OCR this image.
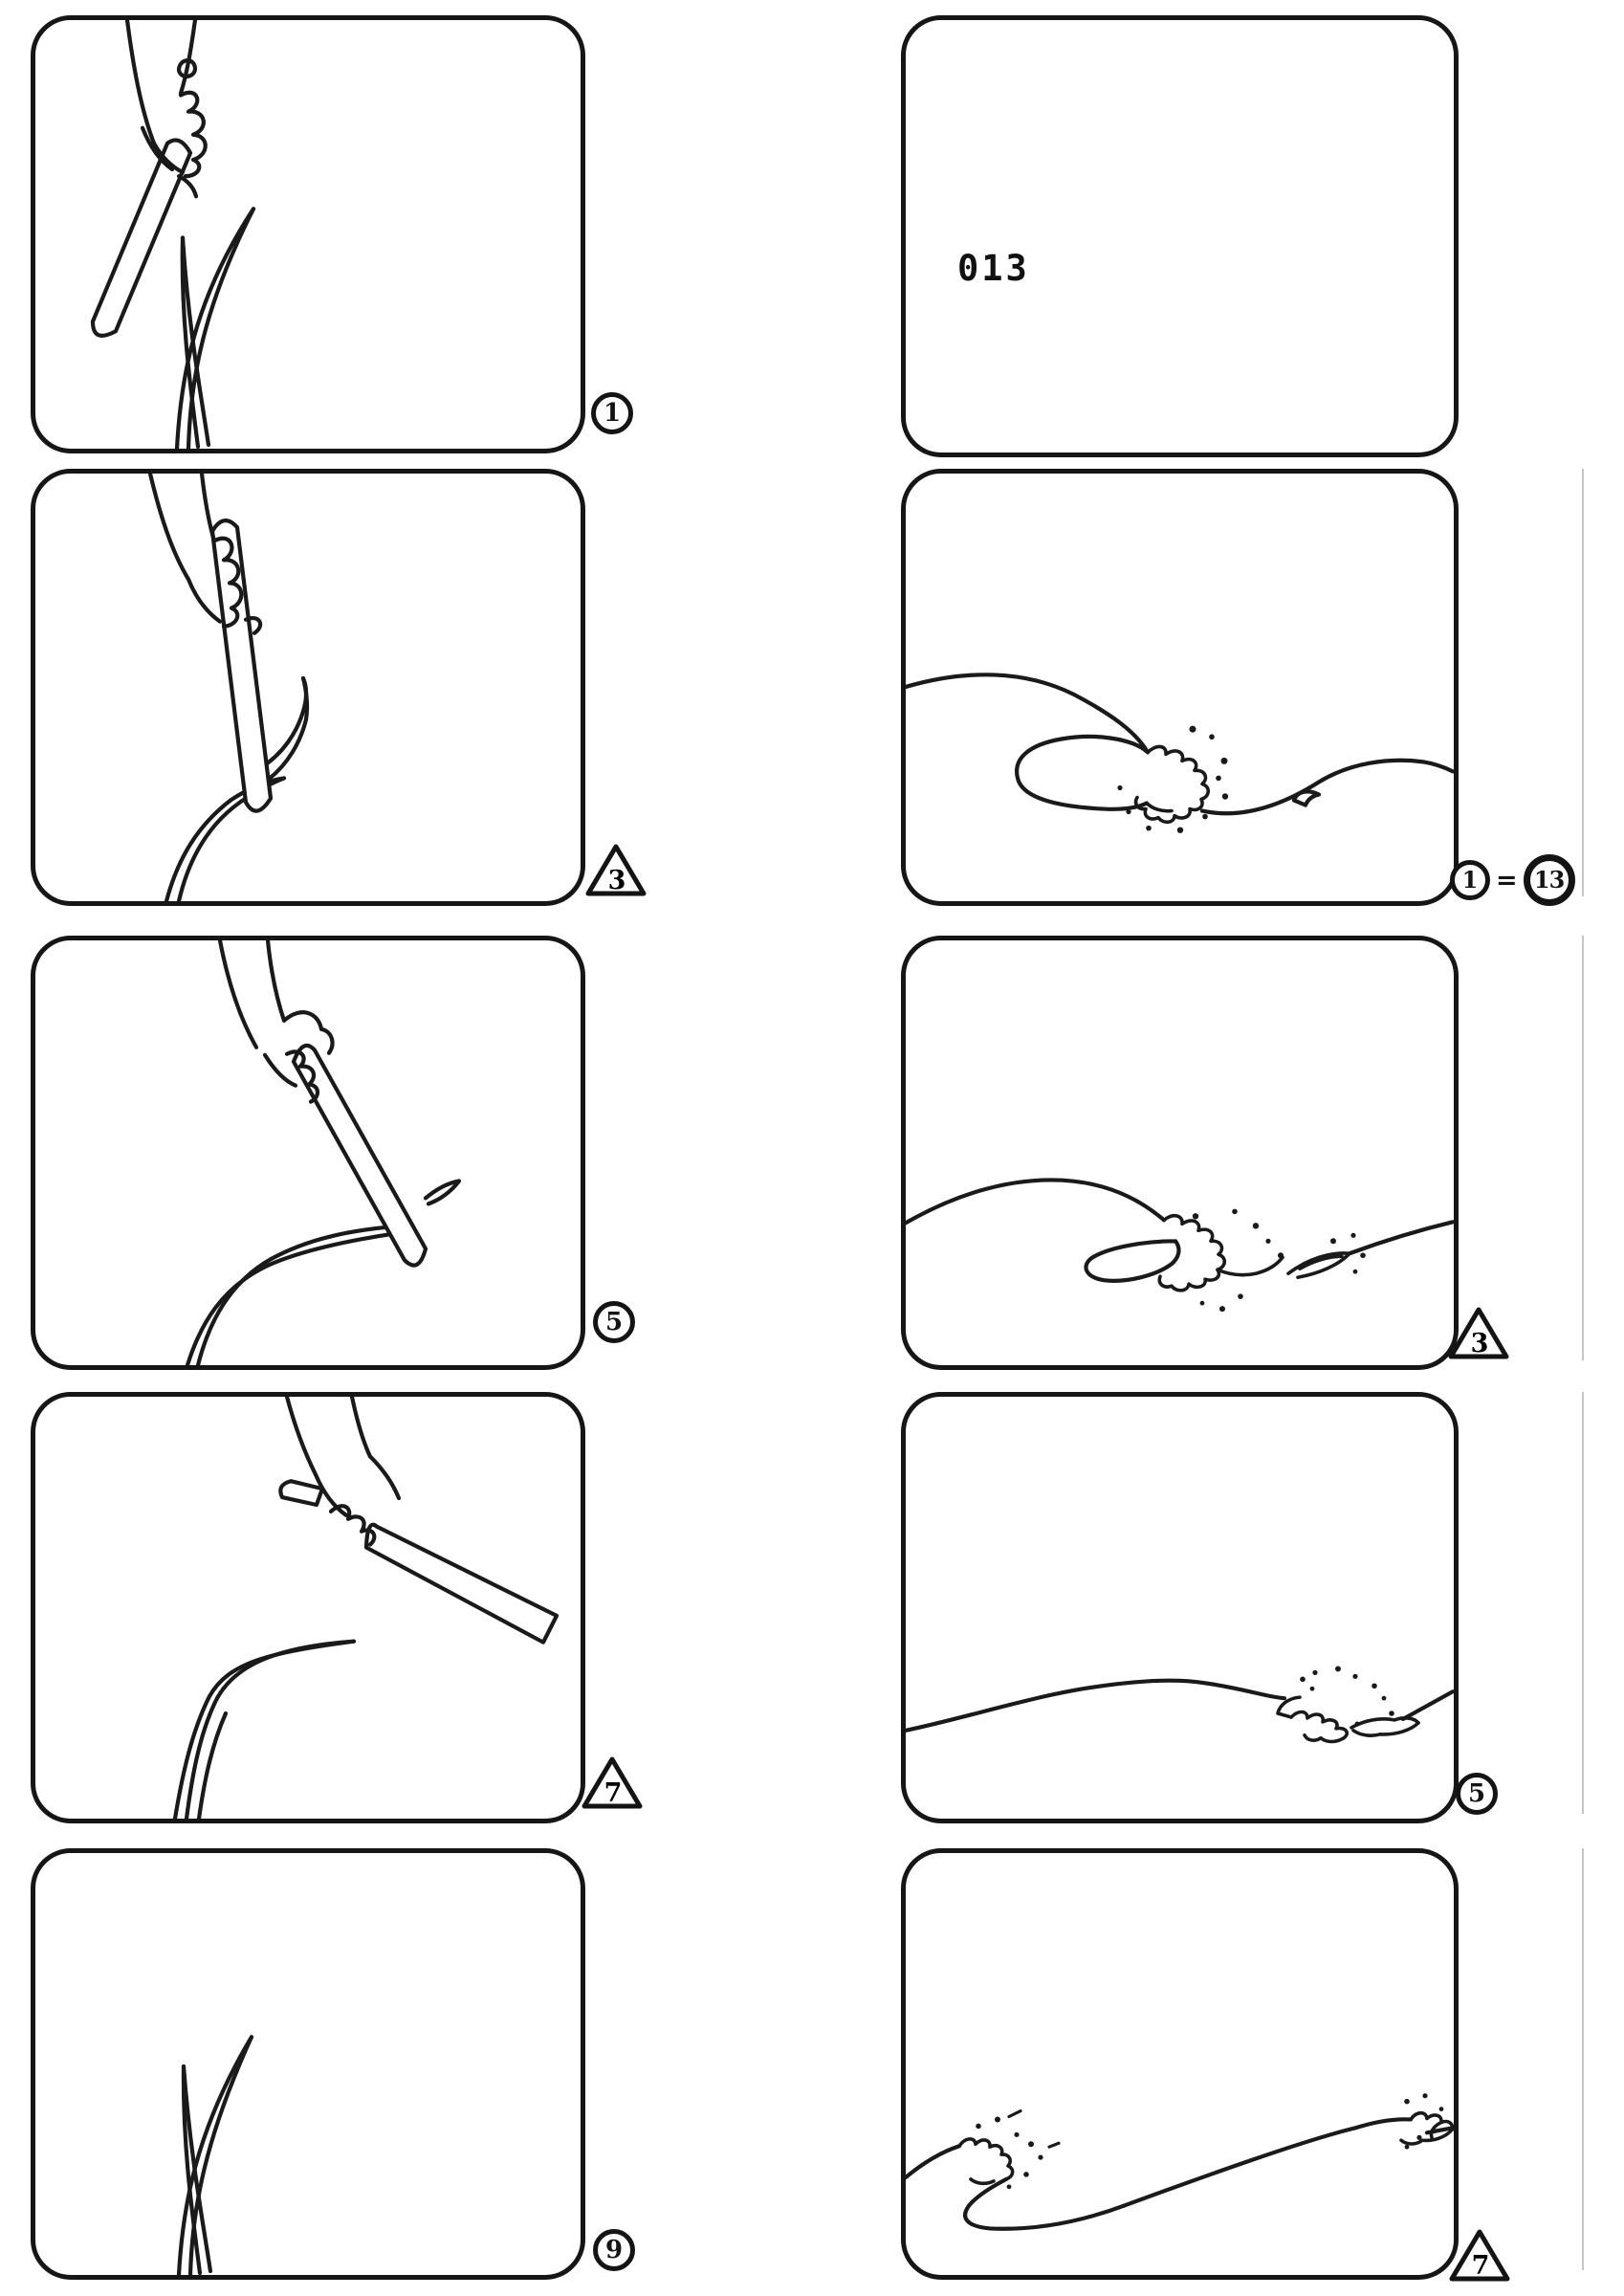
013
1
3	1 = 13
5
3
7	5
9
7
